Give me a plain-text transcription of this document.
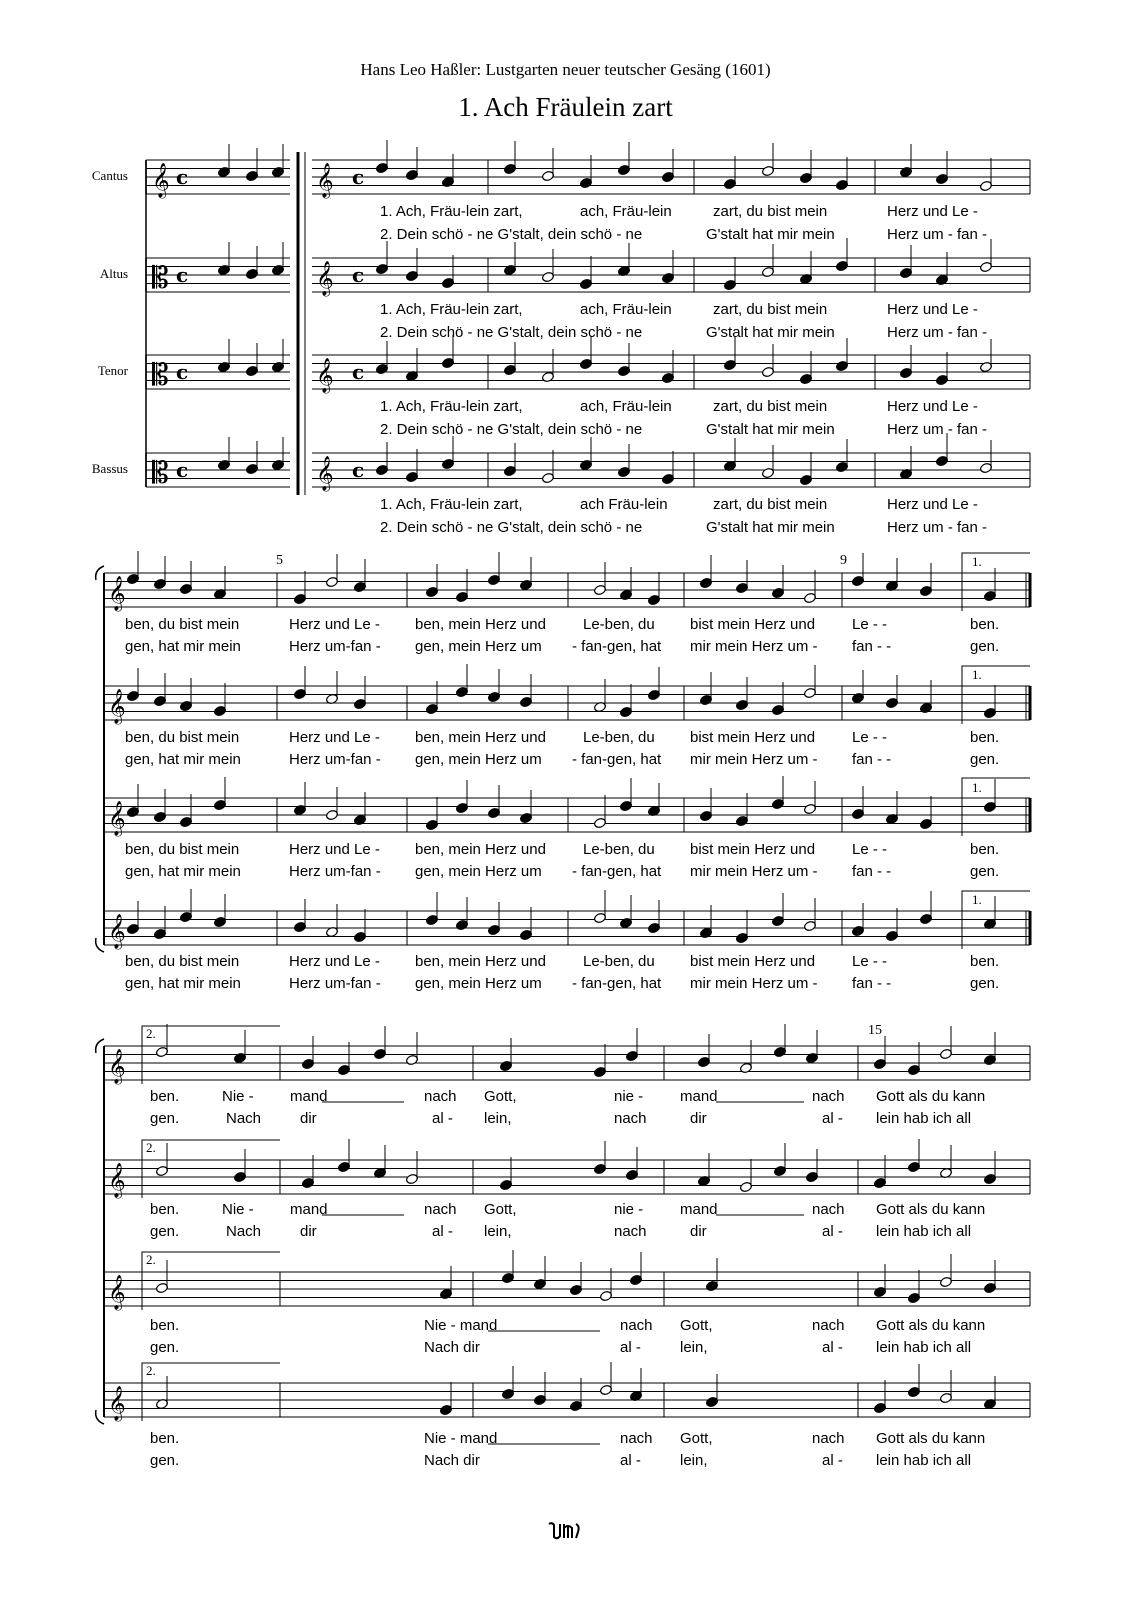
Hans Leo Haßler: Lustgarten neuer teutscher Gesäng (1601)
1. Ach Fräulein zart
Cantus
Altus
Tenor
Bassus
𝄞 c	𝄞 c
𝄡 c	𝄞 c
𝄡 c	𝄞 c
𝄡 c	𝄞 c
𝄞
𝄞
𝄞
𝄞
𝄞
𝄞
𝄞
𝄞
1. Ach, Fräu-lein zart,	ach, Fräu-lein	zart, du bist mein	Herz und Le -
2. Dein schö - ne G'stalt, dein schö - ne	G'stalt hat mir mein	Herz um - fan -
1. Ach, Fräu-lein zart,	ach, Fräu-lein	zart, du bist mein	Herz und Le -
2. Dein schö - ne G'stalt, dein schö - ne	G'stalt hat mir mein	Herz um - fan -
1. Ach, Fräu-lein zart,	ach, Fräu-lein	zart, du bist mein	Herz und Le -
2. Dein schö - ne G'stalt, dein schö - ne	G'stalt hat mir mein	Herz um - fan -
1. Ach, Fräu-lein zart,	ach Fräu-lein	zart, du bist mein	Herz und Le -
2. Dein schö - ne G'stalt, dein schö - ne	G'stalt hat mir mein	Herz um - fan -
5	9	1.
1.
1.
1.
ben, du bist mein	Herz und Le - ben, mein Herz und Le-ben, du bist mein Herz und Le - -	ben.
gen, hat mir mein	Herz um-fan - gen, mein Herz um - fan-gen, hat mir mein Herz um - fan - -	gen.
ben, du bist mein	Herz und Le - ben, mein Herz und Le-ben, du bist mein Herz und Le - -	ben.
gen, hat mir mein	Herz um-fan - gen, mein Herz um - fan-gen, hat mir mein Herz um - fan - -	gen.
ben, du bist mein	Herz und Le - ben, mein Herz und Le-ben, du bist mein Herz und Le - -	ben.
gen, hat mir mein	Herz um-fan - gen, mein Herz um - fan-gen, hat mir mein Herz um - fan - -	gen.
ben, du bist mein	Herz und Le - ben, mein Herz und Le-ben, du bist mein Herz und Le - -	ben.
gen, hat mir mein	Herz um-fan - gen, mein Herz um - fan-gen, hat mir mein Herz um - fan - -	gen.
15
2.
2.
2.
2.
ben.	Nie - mand	nach Gott,	nie - mand	nach Gott als du kann
gen.	Nach	dir	al - lein,	nach	dir	al - lein hab ich all
ben.	Nie - mand	nach Gott,	nie - mand	nach Gott als du kann
gen.	Nach	dir	al - lein,	nach	dir	al - lein hab ich all
ben.	Nie - mand	nach Gott,	nach Gott als du kann
gen.	Nach dir	al -	lein,	al - lein hab ich all
ben.	Nie - mand	nach Gott,	nach Gott als du kann
gen.	Nach dir	al -	lein,	al - lein hab ich all
